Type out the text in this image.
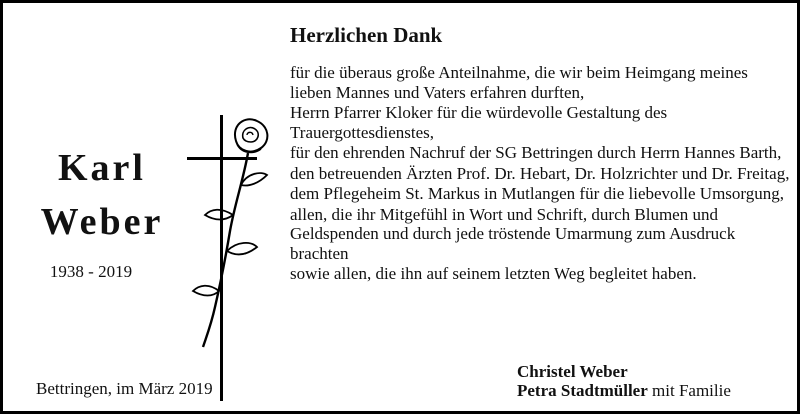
Karl
Weber
1938 - 2019
Bettringen, im März 2019
Herzlichen Dank
für die überaus große Anteilnahme, die wir beim Heimgang meines lieben Mannes und Vaters erfahren durften,
Herrn Pfarrer Kloker für die würdevolle Gestaltung des Trauergottesdienstes,
für den ehrenden Nachruf der SG Bettringen durch Herrn Hannes Barth,
den betreuenden Ärzten Prof. Dr. Hebart, Dr. Holzrichter und Dr. Freitag,
dem Pflegeheim St. Markus in Mutlangen für die liebevolle Umsorgung,
allen, die ihr Mitgefühl in Wort und Schrift, durch Blumen und Geldspenden und durch jede tröstende Umarmung zum Ausdruck brachten
sowie allen, die ihn auf seinem letzten Weg begleitet haben.
Christel Weber
Petra Stadtmüller mit Familie
